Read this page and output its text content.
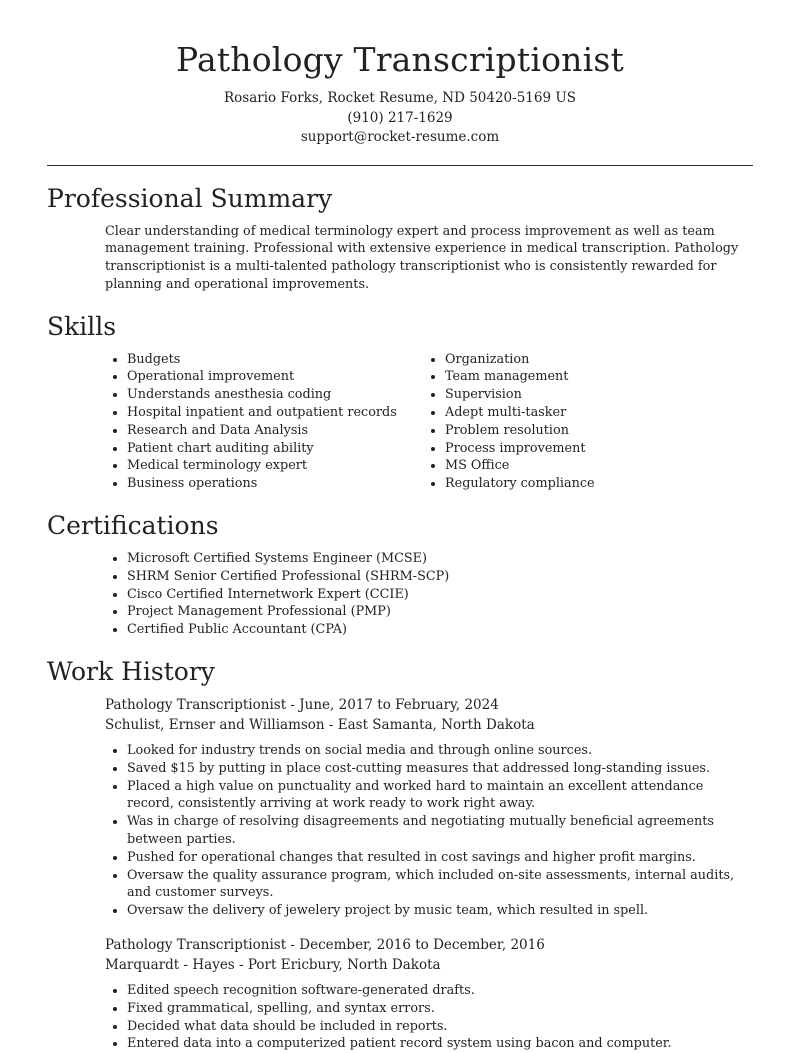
Pathology Transcriptionist
Rosario Forks, Rocket Resume, ND 50420-5169 US
(910) 217-1629
support@rocket-resume.com
Professional Summary

Clear understanding of medical terminology expert and process improvement as well as team management training. Professional with extensive experience in medical transcription. Pathology transcriptionist is a multi-talented pathology transcriptionist who is consistently rewarded for planning and operational improvements.

Skills
• Budgets
• Operational improvement
• Understands anesthesia coding
• Hospital inpatient and outpatient records
• Research and Data Analysis
• Patient chart auditing ability
• Medical terminology expert
• Business operations
• Organization
• Team management
• Supervision
• Adept multi-tasker
• Problem resolution
• Process improvement
• MS Office
• Regulatory compliance
Certifications
• Microsoft Certified Systems Engineer (MCSE)
• SHRM Senior Certified Professional (SHRM-SCP)
• Cisco Certified Internetwork Expert (CCIE)
• Project Management Professional (PMP)
• Certified Public Accountant (CPA)
Work History
Pathology Transcriptionist - June, 2017 to February, 2024
Schulist, Ernser and Williamson - East Samanta, North Dakota
• Looked for industry trends on social media and through online sources.
• Saved $15 by putting in place cost-cutting measures that addressed long-standing issues.
• Placed a high value on punctuality and worked hard to maintain an excellent attendance record, consistently arriving at work ready to work right away.
• Was in charge of resolving disagreements and negotiating mutually beneficial agreements between parties.
• Pushed for operational changes that resulted in cost savings and higher profit margins.
• Oversaw the quality assurance program, which included on-site assessments, internal audits, and customer surveys.
• Oversaw the delivery of jewelery project by music team, which resulted in spell.
Pathology Transcriptionist - December, 2016 to December, 2016
Marquardt - Hayes - Port Ericbury, North Dakota
• Edited speech recognition software-generated drafts.
• Fixed grammatical, spelling, and syntax errors.
• Decided what data should be included in reports.
• Entered data into a computerized patient record system using bacon and computer.
